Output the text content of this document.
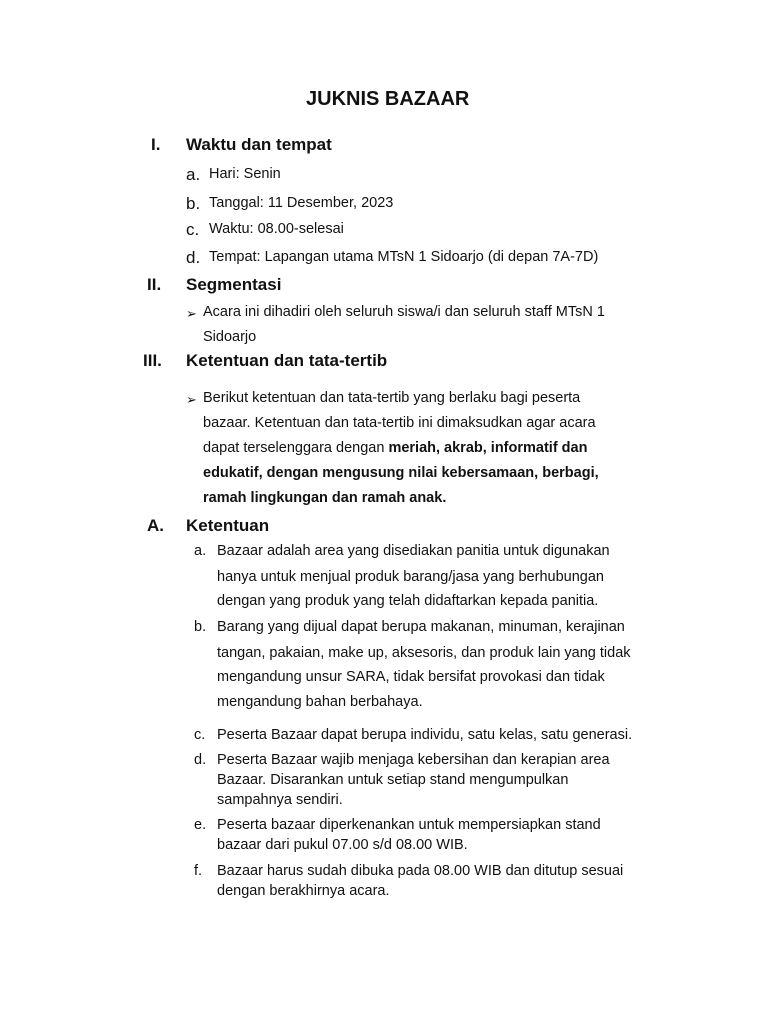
JUKNIS BAZAAR
I. Waktu dan tempat
a. Hari: Senin
b. Tanggal: 11 Desember, 2023
c. Waktu: 08.00-selesai
d. Tempat: Lapangan utama MTsN 1 Sidoarjo (di depan 7A-7D)
II. Segmentasi
➢ Acara ini dihadiri oleh seluruh siswa/i dan seluruh staff MTsN 1
Sidoarjo
III. Ketentuan dan tata-tertib
➢ Berikut ketentuan dan tata-tertib yang berlaku bagi peserta
bazaar. Ketentuan dan tata-tertib ini dimaksudkan agar acara
dapat terselenggara dengan meriah, akrab, informatif dan
edukatif, dengan mengusung nilai kebersamaan, berbagi,
ramah lingkungan dan ramah anak.
A. Ketentuan
a. Bazaar adalah area yang disediakan panitia untuk digunakan
hanya untuk menjual produk barang/jasa yang berhubungan
dengan yang produk yang telah didaftarkan kepada panitia.
b. Barang yang dijual dapat berupa makanan, minuman, kerajinan
tangan, pakaian, make up, aksesoris, dan produk lain yang tidak
mengandung unsur SARA, tidak bersifat provokasi dan tidak
mengandung bahan berbahaya.
c. Peserta Bazaar dapat berupa individu, satu kelas, satu generasi.
d. Peserta Bazaar wajib menjaga kebersihan dan kerapian area
Bazaar. Disarankan untuk setiap stand mengumpulkan
sampahnya sendiri.
e. Peserta bazaar diperkenankan untuk mempersiapkan stand
bazaar dari pukul 07.00 s/d 08.00 WIB.
f. Bazaar harus sudah dibuka pada 08.00 WIB dan ditutup sesuai
dengan berakhirnya acara.
